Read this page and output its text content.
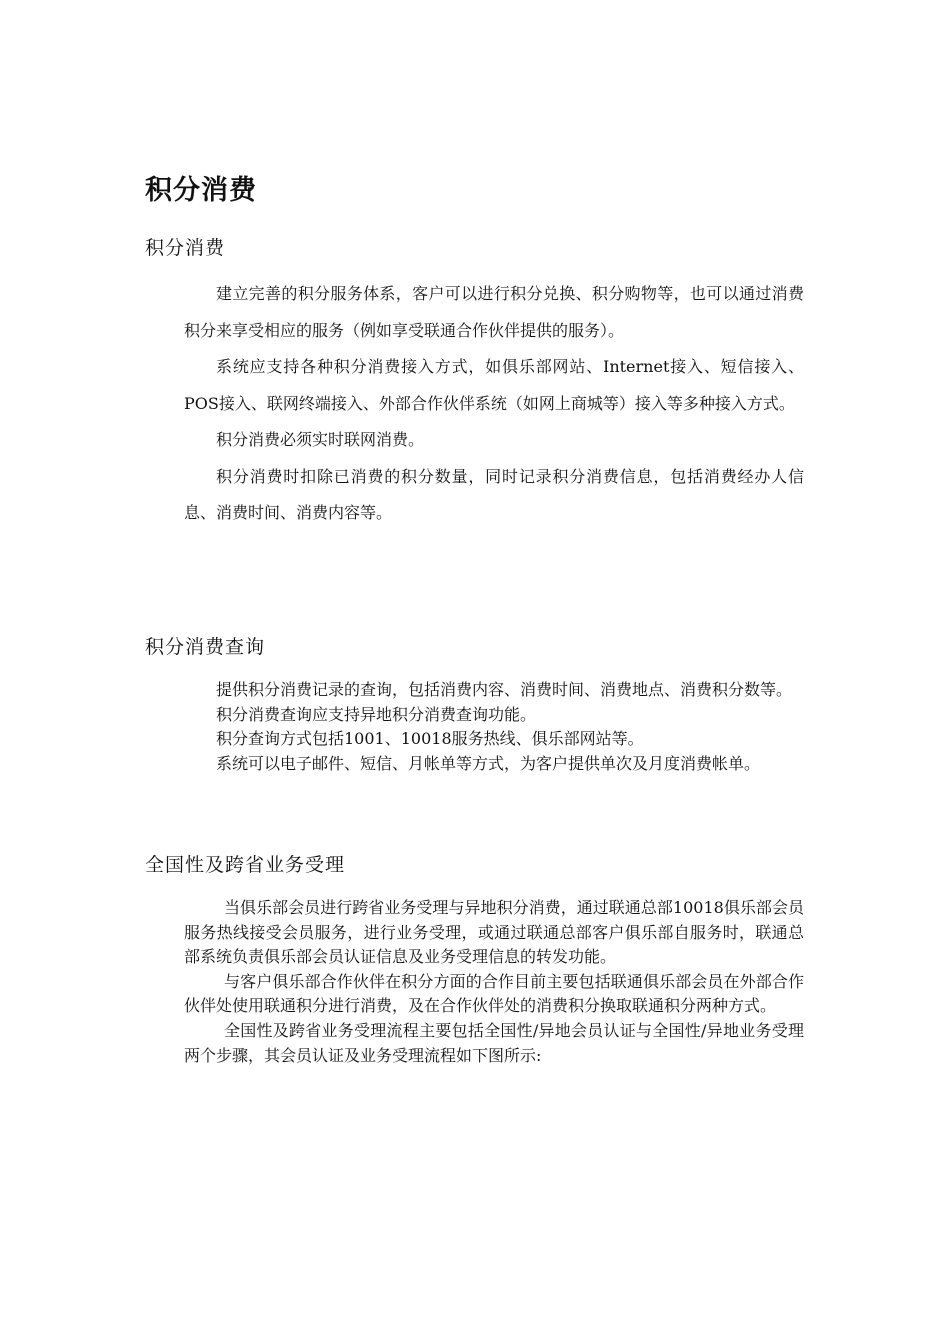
积分消费
积分消费

建立完善的积分服务体系，客户可以进行积分兑换、积分购物等，也可以通过消费积分来享受相应的服务（例如享受联通合作伙伴提供的服务）。

系统应支持各种积分消费接入方式，如俱乐部网站、Internet接入、短信接入、POS接入、联网终端接入、外部合作伙伴系统（如网上商城等）接入等多种接入方式。

积分消费必须实时联网消费。

积分消费时扣除已消费的积分数量，同时记录积分消费信息，包括消费经办人信息、消费时间、消费内容等。

积分消费查询

提供积分消费记录的查询，包括消费内容、消费时间、消费地点、消费积分数等。

积分消费查询应支持异地积分消费查询功能。

积分查询方式包括1001、10018服务热线、俱乐部网站等。

系统可以电子邮件、短信、月帐单等方式，为客户提供单次及月度消费帐单。

全国性及跨省业务受理

当俱乐部会员进行跨省业务受理与异地积分消费，通过联通总部10018俱乐部会员服务热线接受会员服务，进行业务受理，或通过联通总部客户俱乐部自服务时，联通总部系统负责俱乐部会员认证信息及业务受理信息的转发功能。

与客户俱乐部合作伙伴在积分方面的合作目前主要包括联通俱乐部会员在外部合作伙伴处使用联通积分进行消费，及在合作伙伴处的消费积分换取联通积分两种方式。

全国性及跨省业务受理流程主要包括全国性/异地会员认证与全国性/异地业务受理两个步骤，其会员认证及业务受理流程如下图所示:
